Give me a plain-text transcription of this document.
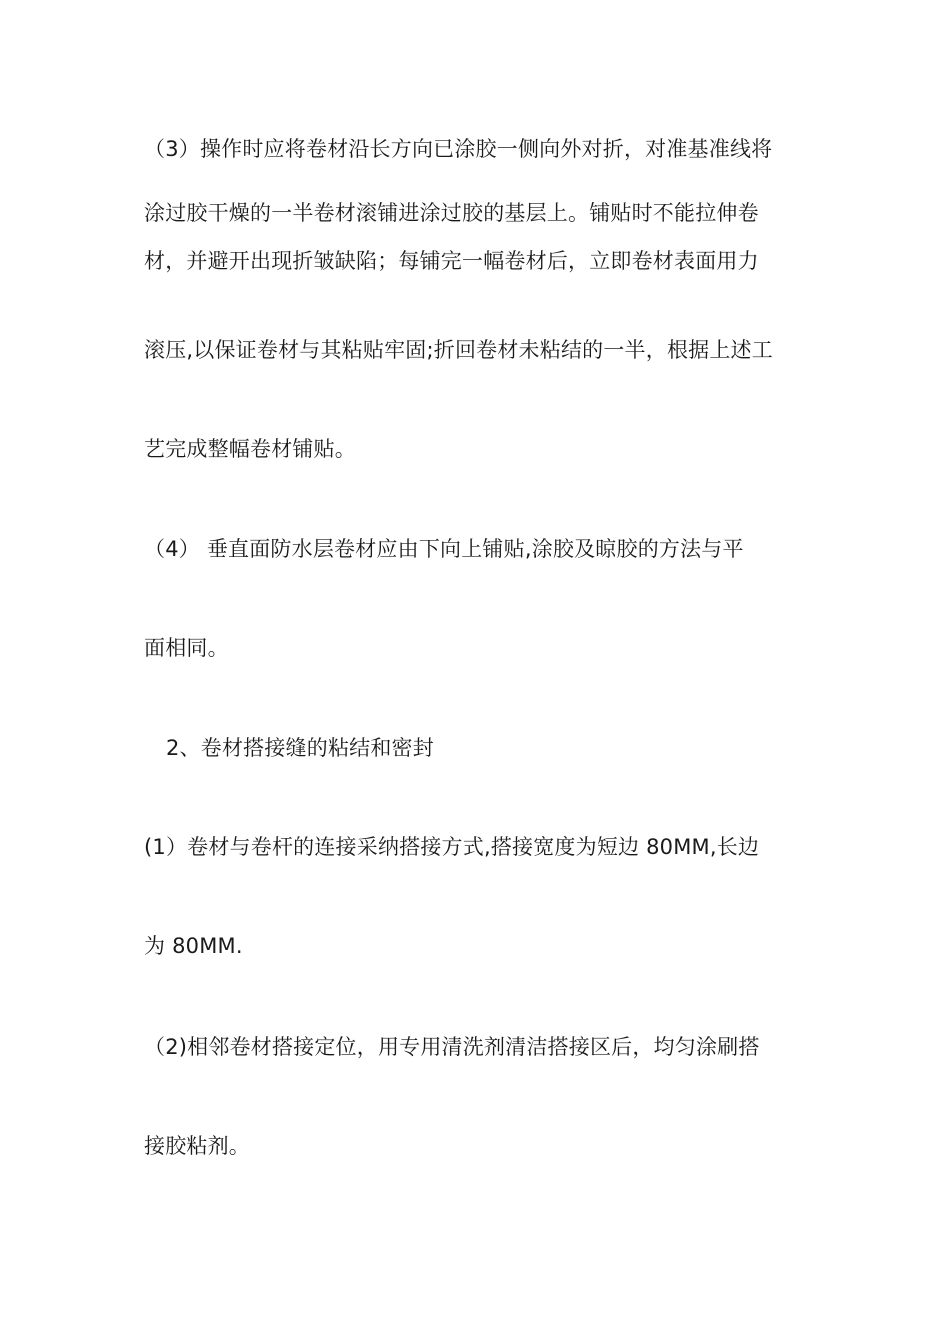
（3）操作时应将卷材沿长方向已涂胶一侧向外对折，对准基准线将
涂过胶干燥的一半卷材滚铺进涂过胶的基层上。铺贴时不能拉伸卷
材，并避开出现折皱缺陷；每铺完一幅卷材后，立即卷材表面用力
滚压,以保证卷材与其粘贴牢固;折回卷材未粘结的一半，根据上述工
艺完成整幅卷材铺贴。
（4） 垂直面防水层卷材应由下向上铺贴,涂胶及晾胶的方法与平
面相同。
2、卷材搭接缝的粘结和密封
(1）卷材与卷杆的连接采纳搭接方式,搭接宽度为短边 80MM,长边
为 80MM.
（2)相邻卷材搭接定位，用专用清洗剂清洁搭接区后，均匀涂刷搭
接胶粘剂。
